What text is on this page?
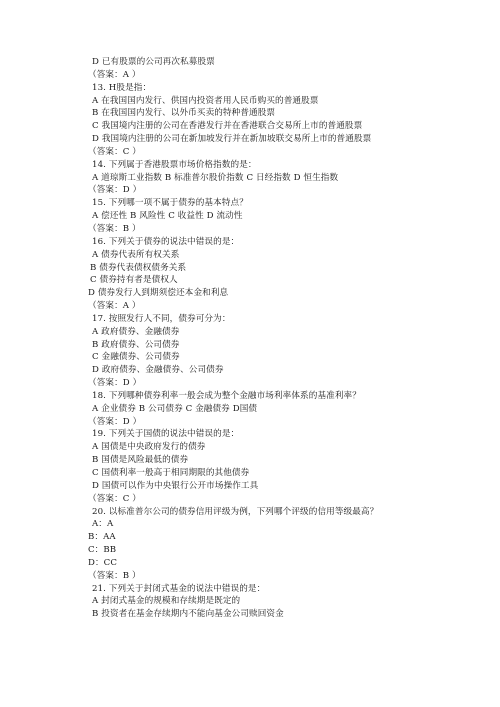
D 已有股票的公司再次私募股票
（答案：A ）
13. H股是指：
A 在我国国内发行、供国内投资者用人民币购买的普通股票
B 在我国国内发行、以外币买卖的特种普通股票
C 我国境内注册的公司在香港发行并在香港联合交易所上市的普通股票
D 我国境内注册的公司在新加坡发行并在新加坡联交易所上市的普通股票
（答案：C ）
14. 下列属于香港股票市场价格指数的是：
A 道琼斯工业指数 B 标准普尔股价指数 C 日经指数 D 恒生指数
（答案：D ）
15. 下列哪一项不属于债券的基本特点？
A 偿还性 B 风险性 C 收益性 D 流动性
（答案：B ）
16. 下列关于债券的说法中错误的是：
A 债券代表所有权关系
B 债券代表债权债务关系
C 债券持有者是债权人
D 债券发行人到期须偿还本金和利息
（答案：A ）
17. 按照发行人不同，债券可分为：
A 政府债券、金融债券
B 政府债券、公司债券
C 金融债券、公司债券
D 政府债券、金融债券、公司债券
（答案：D ）
18. 下列哪种债券利率一般会成为整个金融市场利率体系的基准利率？
A 企业债券 B 公司债券 C 金融债券 D国债
（答案：D ）
19. 下列关于国债的说法中错误的是：
A 国债是中央政府发行的债券
B 国债是风险最低的债券
C 国债利率一般高于相同期限的其他债券
D 国债可以作为中央银行公开市场操作工具
（答案：C ）
20. 以标准普尔公司的债券信用评级为例，下列哪个评级的信用等级最高？
A：A
B：AA
C：BB
D：CC
（答案：B ）
21. 下列关于封闭式基金的说法中错误的是：
A 封闭式基金的规模和存续期是既定的
B 投资者在基金存续期内不能向基金公司赎回资金
